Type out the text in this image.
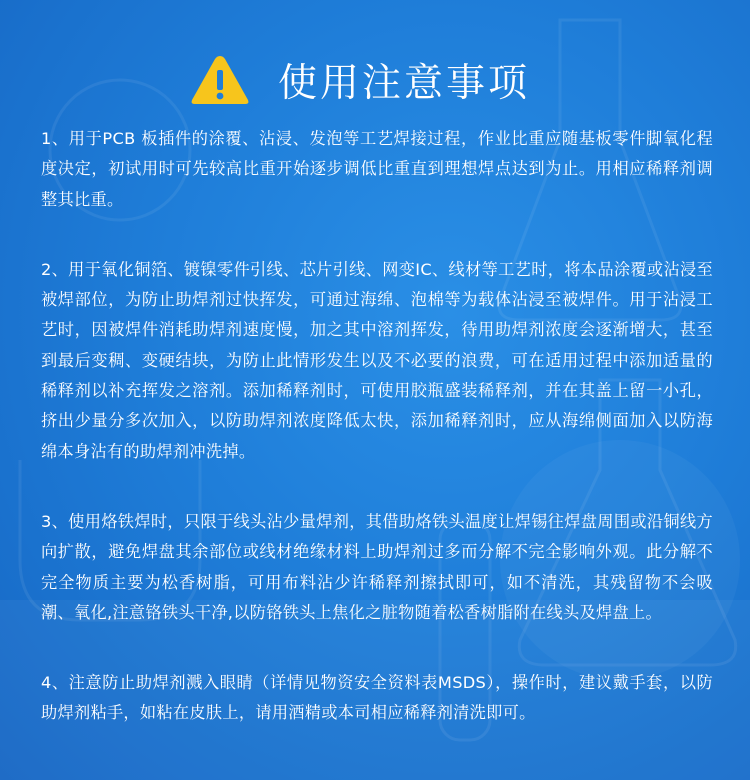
使用注意事项

1、用于PCB 板插件的涂覆、沾浸、发泡等工艺焊接过程，作业比重应随基板零件脚氧化程度决定，初试用时可先较高比重开始逐步调低比重直到理想焊点达到为止。用相应稀释剂调整其比重。

2、用于氧化铜箔、镀镍零件引线、芯片引线、网变IC、线材等工艺时，将本品涂覆或沾浸至被焊部位，为防止助焊剂过快挥发，可通过海绵、泡棉等为载体沾浸至被焊件。用于沾浸工艺时，因被焊件消耗助焊剂速度慢，加之其中溶剂挥发，待用助焊剂浓度会逐渐增大，甚至到最后变稠、变硬结块，为防止此情形发生以及不必要的浪费，可在适用过程中添加适量的稀释剂以补充挥发之溶剂。添加稀释剂时，可使用胶瓶盛装稀释剂，并在其盖上留一小孔，挤出少量分多次加入，以防助焊剂浓度降低太快，添加稀释剂时，应从海绵侧面加入以防海绵本身沾有的助焊剂冲洗掉。

3、使用烙铁焊时，只限于线头沾少量焊剂，其借助烙铁头温度让焊锡往焊盘周围或沿铜线方向扩散，避免焊盘其余部位或线材绝缘材料上助焊剂过多而分解不完全影响外观。此分解不完全物质主要为松香树脂，可用布料沾少许稀释剂擦拭即可，如不清洗，其残留物不会吸潮、氧化,注意铬铁头干净,以防铬铁头上焦化之脏物随着松香树脂附在线头及焊盘上。

4、注意防止助焊剂溅入眼睛（详情见物资安全资料表MSDS），操作时，建议戴手套，以防助焊剂粘手，如粘在皮肤上，请用酒精或本司相应稀释剂清洗即可。
